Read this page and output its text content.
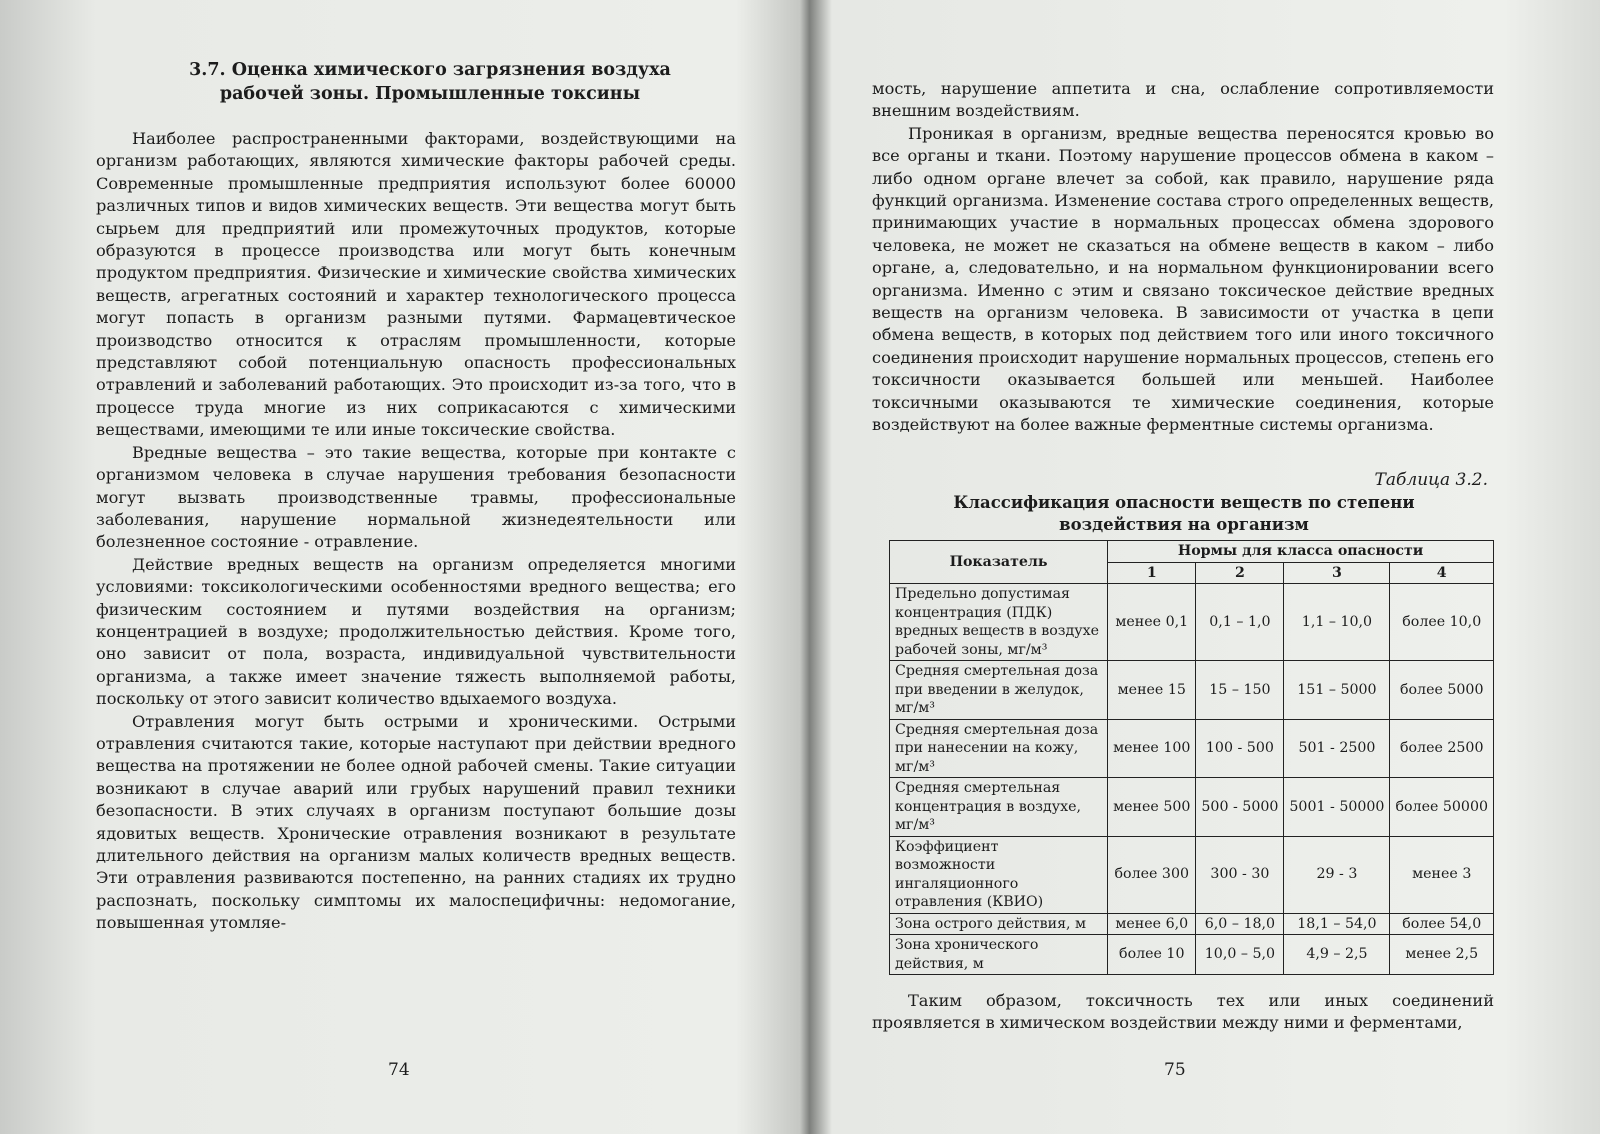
3.7. Оценка химического загрязнения воздуха
рабочей зоны. Промышленные токсины

Наиболее распространенными факторами, воздействующими на организм работающих, являются химические факторы рабочей среды. Современные промышленные предприятия используют более 60000 различных типов и видов химических веществ. Эти вещества могут быть сырьем для предприятий или промежуточных продуктов, которые образуются в процессе производства или могут быть конечным продуктом предприятия. Физические и химические свойства химических веществ, агрегатных состояний и характер технологического процесса могут попасть в организм разными путями. Фармацевтическое производство относится к отраслям промышленности, которые представляют собой потенциальную опасность профессиональных отравлений и заболеваний работающих. Это происходит из-за того, что в процессе труда многие из них соприкасаются с химическими веществами, имеющими те или иные токсические свойства.

Вредные вещества – это такие вещества, которые при контакте с организмом человека в случае нарушения требования безопасности могут вызвать производственные травмы, профессиональные заболевания, нарушение нормальной жизнедеятельности или болезненное состояние - отравление.

Действие вредных веществ на организм определяется многими условиями: токсикологическими особенностями вредного вещества; его физическим состоянием и путями воздействия на организм; концентрацией в воздухе; продолжительностью действия. Кроме того, оно зависит от пола, возраста, индивидуальной чувствительности организма, а также имеет значение тяжесть выполняемой работы, поскольку от этого зависит количество вдыхаемого воздуха.

Отравления могут быть острыми и хроническими. Острыми отравления считаются такие, которые наступают при действии вредного вещества на протяжении не более одной рабочей смены. Такие ситуации возникают в случае аварий или грубых нарушений правил техники безопасности. В этих случаях в организм поступают большие дозы ядовитых веществ. Хронические отравления возникают в результате длительного действия на организм малых количеств вредных веществ. Эти отравления развиваются постепенно, на ранних стадиях их трудно распознать, поскольку симптомы их малоспецифичны: недомогание, повышенная утомляе-

74

мость, нарушение аппетита и сна, ослабление сопротивляемости внешним воздействиям.

Проникая в организм, вредные вещества переносятся кровью во все органы и ткани. Поэтому нарушение процессов обмена в каком – либо одном органе влечет за собой, как правило, нарушение ряда функций организма. Изменение состава строго определенных веществ, принимающих участие в нормальных процессах обмена здорового человека, не может не сказаться на обмене веществ в каком – либо органе, а, следовательно, и на нормальном функционировании всего организма. Именно с этим и связано токсическое действие вредных веществ на организм человека. В зависимости от участка в цепи обмена веществ, в которых под действием того или иного токсичного соединения происходит нарушение нормальных процессов, степень его токсичности оказывается большей или меньшей. Наиболее токсичными оказываются те химические соединения, которые воздействуют на более важные ферментные системы организма.

Таблица 3.2.
Классификация опасности веществ по степени
воздействия на организм
Показатель	Нормы для класса опасности			
	1	2	3	4
Предельно допустимая концентрация (ПДК) вредных веществ в воздухе рабочей зоны, мг/м³	менее 0,1	0,1 – 1,0	1,1 – 10,0	более 10,0
Средняя смертельная доза при введении в желудок, мг/м³	менее 15	15 – 150	151 – 5000	более 5000
Средняя смертельная доза при нанесении на кожу, мг/м³	менее 100	100 - 500	501 - 2500	более 2500
Средняя смертельная концентрация в воздухе, мг/м³	менее 500	500 - 5000	5001 - 50000	более 50000
Коэффициент возможности ингаляционного отравления (КВИО)	более 300	300 - 30	29 - 3	менее 3
Зона острого действия, м	менее 6,0	6,0 – 18,0	18,1 – 54,0	более 54,0
Зона хронического действия, м	более 10	10,0 – 5,0	4,9 – 2,5	менее 2,5

Таким образом, токсичность тех или иных соединений проявляется в химическом воздействии между ними и ферментами,

75
